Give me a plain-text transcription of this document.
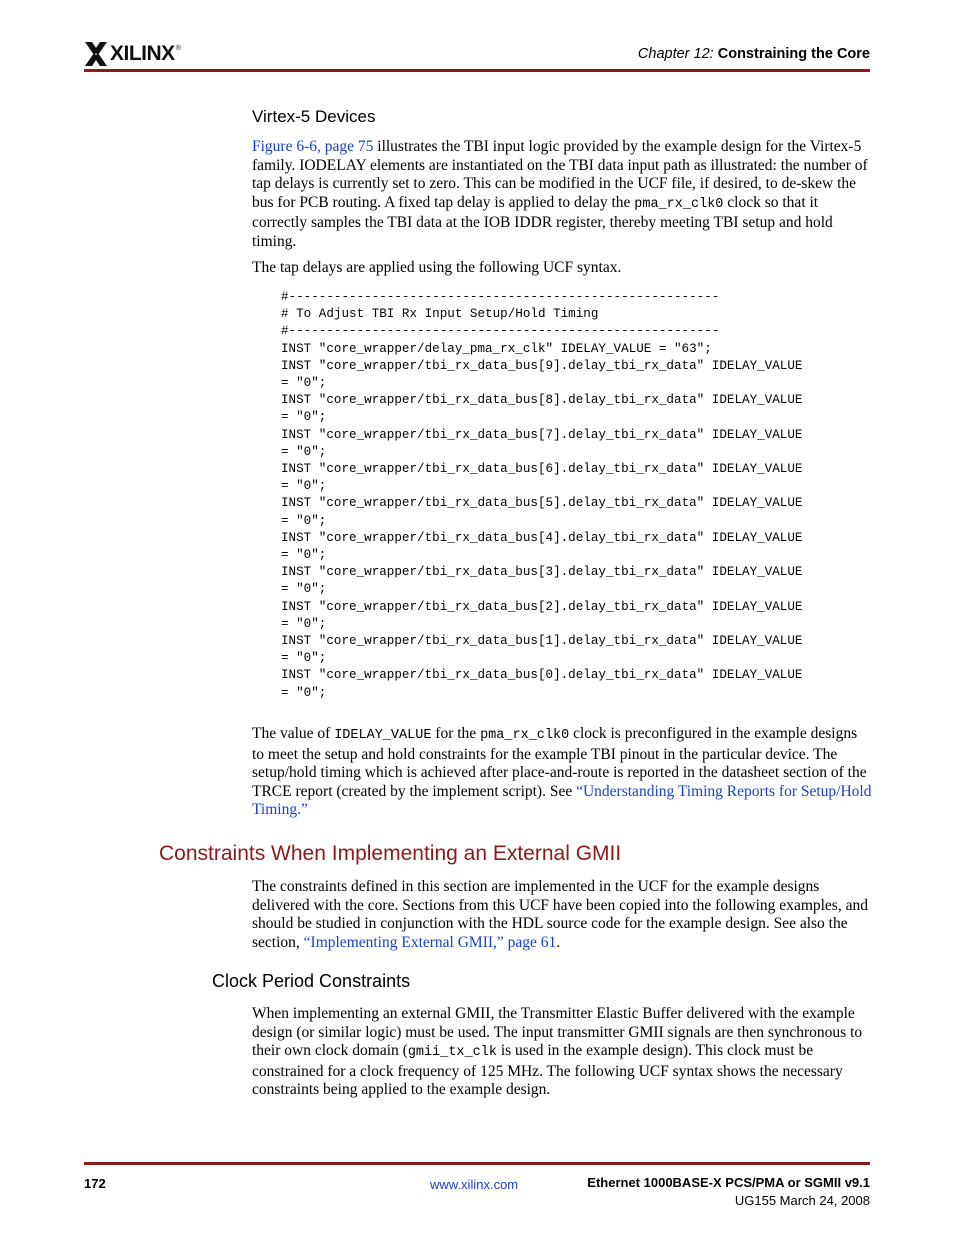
XILINX ®	Chapter 12: Constraining the Core
Virtex-5 Devices

Figure 6-6, page 75 illustrates the TBI input logic provided by the example design for the Virtex-5 family. IODELAY elements are instantiated on the TBI data input path as illustrated: the number of tap delays is currently set to zero. This can be modified in the UCF file, if desired, to de-skew the bus for PCB routing. A fixed tap delay is applied to delay the pma_rx_clk0 clock so that it correctly samples the TBI data at the IOB IDDR register, thereby meeting TBI setup and hold timing.

The tap delays are applied using the following UCF syntax.
#---------------------------------------------------------
# To Adjust TBI Rx Input Setup/Hold Timing
#---------------------------------------------------------
INST "core_wrapper/delay_pma_rx_clk" IDELAY_VALUE = "63";
INST "core_wrapper/tbi_rx_data_bus[9].delay_tbi_rx_data" IDELAY_VALUE
= "0";
INST "core_wrapper/tbi_rx_data_bus[8].delay_tbi_rx_data" IDELAY_VALUE
= "0";
INST "core_wrapper/tbi_rx_data_bus[7].delay_tbi_rx_data" IDELAY_VALUE
= "0";
INST "core_wrapper/tbi_rx_data_bus[6].delay_tbi_rx_data" IDELAY_VALUE
= "0";
INST "core_wrapper/tbi_rx_data_bus[5].delay_tbi_rx_data" IDELAY_VALUE
= "0";
INST "core_wrapper/tbi_rx_data_bus[4].delay_tbi_rx_data" IDELAY_VALUE
= "0";
INST "core_wrapper/tbi_rx_data_bus[3].delay_tbi_rx_data" IDELAY_VALUE
= "0";
INST "core_wrapper/tbi_rx_data_bus[2].delay_tbi_rx_data" IDELAY_VALUE
= "0";
INST "core_wrapper/tbi_rx_data_bus[1].delay_tbi_rx_data" IDELAY_VALUE
= "0";
INST "core_wrapper/tbi_rx_data_bus[0].delay_tbi_rx_data" IDELAY_VALUE
= "0";

The value of IDELAY_VALUE for the pma_rx_clk0 clock is preconfigured in the example designs to meet the setup and hold constraints for the example TBI pinout in the particular device. The setup/hold timing which is achieved after place-and-route is reported in the datasheet section of the TRCE report (created by the implement script). See “Understanding Timing Reports for Setup/Hold Timing.”

Constraints When Implementing an External GMII

The constraints defined in this section are implemented in the UCF for the example designs delivered with the core. Sections from this UCF have been copied into the following examples, and should be studied in conjunction with the HDL source code for the example design. See also the section, “Implementing External GMII,” page 61.

Clock Period Constraints

When implementing an external GMII, the Transmitter Elastic Buffer delivered with the example design (or similar logic) must be used. The input transmitter GMII signals are then synchronous to their own clock domain (gmii_tx_clk is used in the example design). This clock must be constrained for a clock frequency of 125 MHz. The following UCF syntax shows the necessary constraints being applied to the example design.

172	www.xilinx.com	Ethernet 1000BASE-X PCS/PMA or SGMII v9.1
UG155 March 24, 2008
